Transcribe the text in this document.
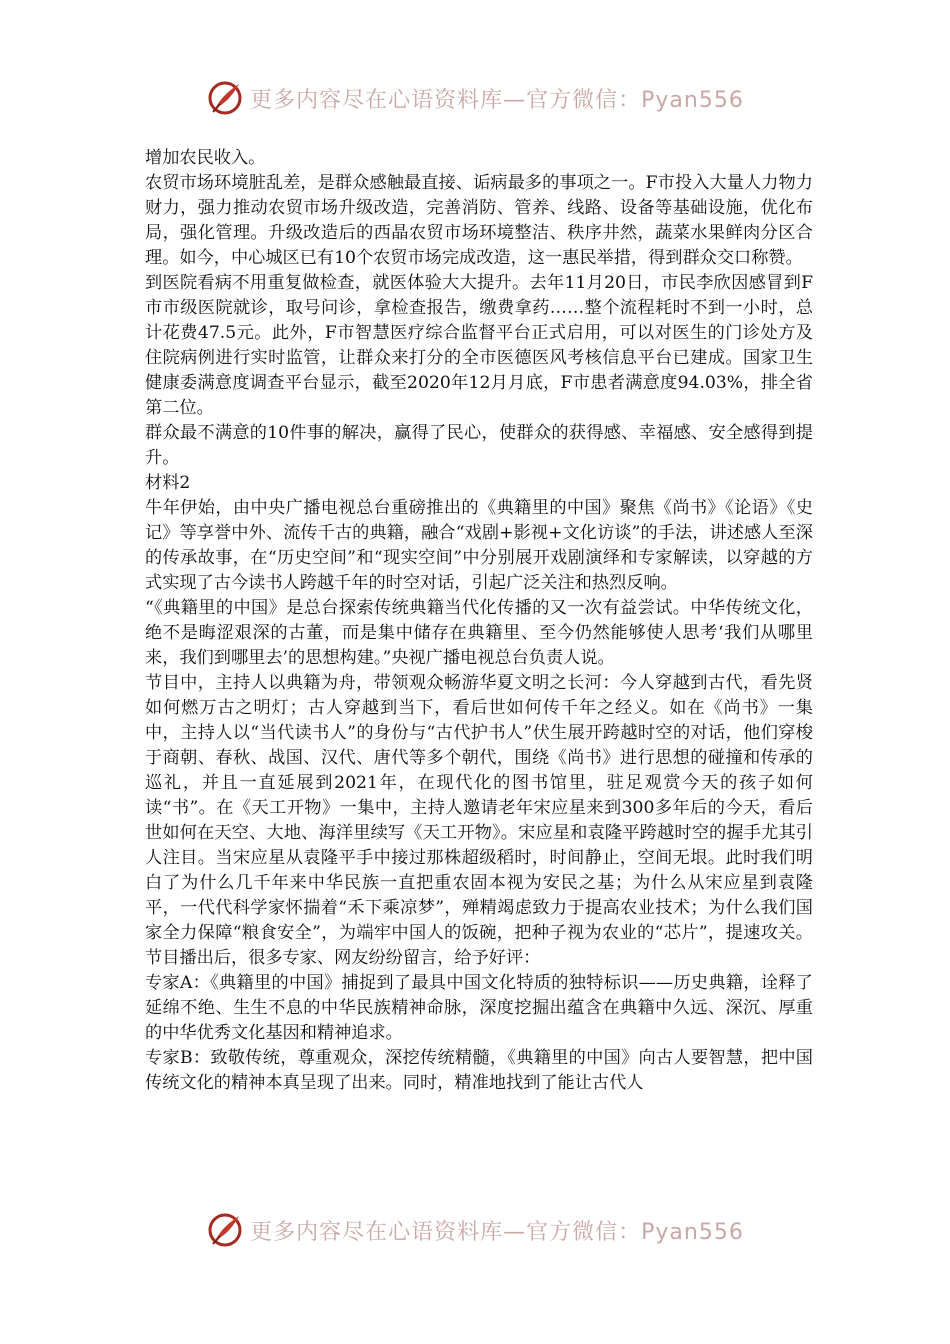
更多内容尽在心语资料库—官方微信：Pyan556

增加农民收入。

农贸市场环境脏乱差，是群众感触最直接、诟病最多的事项之一。F市投入大量人力物力财力，强力推动农贸市场升级改造，完善消防、管养、线路、设备等基础设施，优化布局，强化管理。升级改造后的西晶农贸市场环境整洁、秩序井然，蔬菜水果鲜肉分区合理。如今，中心城区已有10个农贸市场完成改造，这一惠民举措，得到群众交口称赞。

到医院看病不用重复做检查，就医体验大大提升。去年11月20日，市民李欣因感冒到F市市级医院就诊，取号问诊，拿检查报告，缴费拿药……整个流程耗时不到一小时，总计花费47.5元。此外，F市智慧医疗综合监督平台正式启用，可以对医生的门诊处方及住院病例进行实时监管，让群众来打分的全市医德医风考核信息平台已建成。国家卫生健康委满意度调查平台显示，截至2020年12月月底，F市患者满意度94.03%，排全省第二位。

群众最不满意的10件事的解决，赢得了民心，使群众的获得感、幸福感、安全感得到提升。

材料2

牛年伊始，由中央广播电视总台重磅推出的《典籍里的中国》聚焦《尚书》《论语》《史记》等享誉中外、流传千古的典籍，融合“戏剧+影视+文化访谈”的手法，讲述感人至深的传承故事，在“历史空间”和“现实空间”中分别展开戏剧演绎和专家解读，以穿越的方式实现了古今读书人跨越千年的时空对话，引起广泛关注和热烈反响。

“《典籍里的中国》是总台探索传统典籍当代化传播的又一次有益尝试。中华传统文化，绝不是晦涩艰深的古董，而是集中储存在典籍里、至今仍然能够使人思考‘我们从哪里来，我们到哪里去’的思想构建。”央视广播电视总台负责人说。

节目中，主持人以典籍为舟，带领观众畅游华夏文明之长河：今人穿越到古代，看先贤如何燃万古之明灯；古人穿越到当下，看后世如何传千年之经义。如在《尚书》一集中，主持人以“当代读书人”的身份与“古代护书人”伏生展开跨越时空的对话，他们穿梭于商朝、春秋、战国、汉代、唐代等多个朝代，围绕《尚书》进行思想的碰撞和传承的巡礼，并且一直延展到2021年，在现代化的图书馆里，驻足观赏今天的孩子如何读“书”。在《天工开物》一集中，主持人邀请老年宋应星来到300多年后的今天，看后世如何在天空、大地、海洋里续写《天工开物》。宋应星和袁隆平跨越时空的握手尤其引人注目。当宋应星从袁隆平手中接过那株超级稻时，时间静止，空间无垠。此时我们明白了为什么几千年来中华民族一直把重农固本视为安民之基；为什么从宋应星到袁隆平，一代代科学家怀揣着“禾下乘凉梦”，殚精竭虑致力于提高农业技术；为什么我们国家全力保障“粮食安全”，为端牢中国人的饭碗，把种子视为农业的“芯片”，提速攻关。节目播出后，很多专家、网友纷纷留言，给予好评：

专家A：《典籍里的中国》捕捉到了最具中国文化特质的独特标识——历史典籍，诠释了延绵不绝、生生不息的中华民族精神命脉，深度挖掘出蕴含在典籍中久远、深沉、厚重的中华优秀文化基因和精神追求。

专家B：致敬传统，尊重观众，深挖传统精髓，《典籍里的中国》向古人要智慧，把中国传统文化的精神本真呈现了出来。同时，精准地找到了能让古代人

更多内容尽在心语资料库—官方微信：Pyan556
